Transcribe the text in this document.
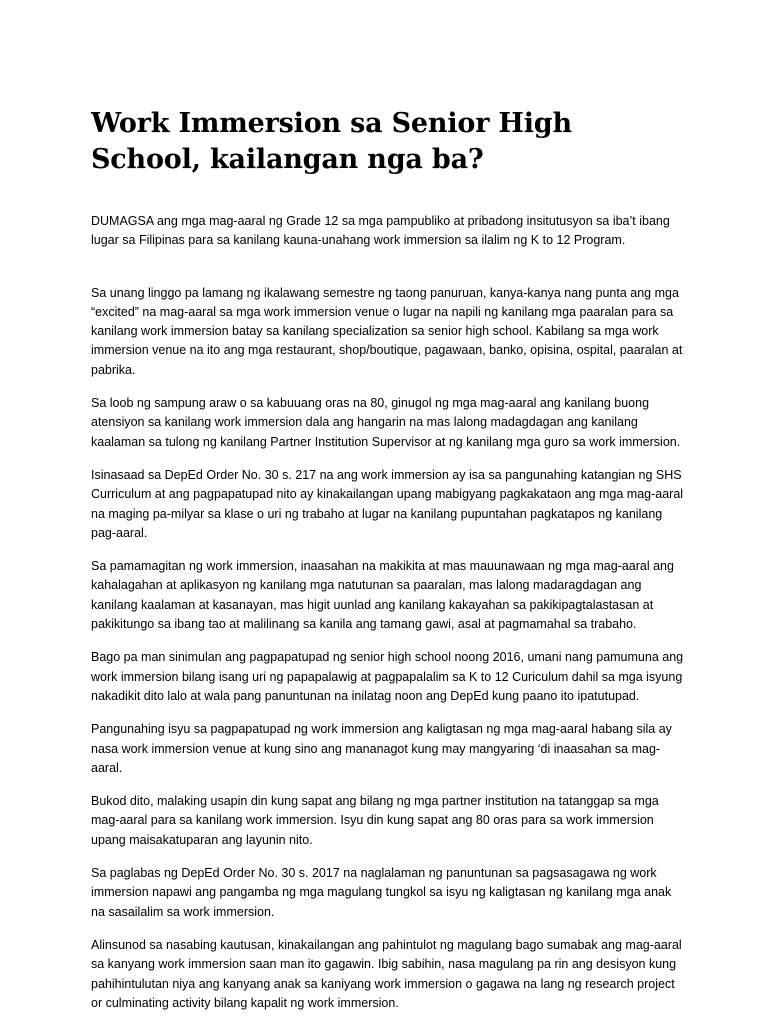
Work Immersion sa Senior High School, kailangan nga ba?

DUMAGSA ang mga mag-aaral ng Grade 12 sa mga pampubliko at pribadong insitutusyon sa iba’t ibang lugar sa Filipinas para sa kanilang kauna-unahang work immersion sa ilalim ng K to 12 Program.

Sa unang linggo pa lamang ng ikalawang semestre ng taong panuruan, kanya-kanya nang punta ang mga “excited” na mag-aaral sa mga work immersion venue o lugar na napili ng kanilang mga paaralan para sa kanilang work immersion batay sa kanilang specialization sa senior high school. Kabilang sa mga work immersion venue na ito ang mga restaurant, shop/boutique, pagawaan, banko, opisina, ospital, paaralan at pabrika.

Sa loob ng sampung araw o sa kabuuang oras na 80, ginugol ng mga mag-aaral ang kanilang buong atensiyon sa kanilang work immersion dala ang hangarin na mas lalong madagdagan ang kanilang kaalaman sa tulong ng kanilang Partner Institution Supervisor at ng kanilang mga guro sa work immersion.

Isinasaad sa DepEd Order No. 30 s. 217 na ang work immersion ay isa sa pangunahing katangian ng SHS Curriculum at ang pagpapatupad nito ay kinakailangan upang mabigyang pagkakataon ang mga mag-aaral na maging pa-milyar sa klase o uri ng trabaho at lugar na kanilang pupuntahan pagkatapos ng kanilang pag-aaral.

Sa pamamagitan ng work immersion, inaasahan na makikita at mas mauunawaan ng mga mag-aaral ang kahalagahan at aplikasyon ng kanilang mga natutunan sa paaralan, mas lalong madaragdagan ang kanilang kaalaman at kasanayan, mas higit uunlad ang kanilang kakayahan sa pakikipagtalastasan at pakikitungo sa ibang tao at malilinang sa kanila ang tamang gawi, asal at pagmamahal sa trabaho.

Bago pa man sinimulan ang pagpapatupad ng senior high school noong 2016, umani nang pamumuna ang work immersion bilang isang uri ng papapalawig at pagpapalalim sa K to 12 Curiculum dahil sa mga isyung nakadikit dito lalo at wala pang panuntunan na inilatag noon ang DepEd kung paano ito ipatutupad.

Pangunahing isyu sa pagpapatupad ng work immersion ang kaligtasan ng mga mag-aaral habang sila ay nasa work immersion venue at kung sino ang mananagot kung may mangyaring ‘di inaasahan sa mag-aaral.

Bukod dito, malaking usapin din kung sapat ang bilang ng mga partner institution na tatanggap sa mga mag-aaral para sa kanilang work immersion. Isyu din kung sapat ang 80 oras para sa work immersion upang maisakatuparan ang layunin nito.

Sa paglabas ng DepEd Order No. 30 s. 2017 na naglalaman ng panuntunan sa pagsasagawa ng work immersion napawi ang pangamba ng mga magulang tungkol sa isyu ng kaligtasan ng kanilang mga anak na sasailalim sa work immersion.

Alinsunod sa nasabing kautusan, kinakailangan ang pahintulot ng magulang bago sumabak ang mag-aaral sa kanyang work immersion saan man ito gagawin. Ibig sabihin, nasa magulang pa rin ang desisyon kung pahihintulutan niya ang kanyang anak sa kaniyang work immersion o gagawa na lang ng research project or culminating activity bilang kapalit ng work immersion.
